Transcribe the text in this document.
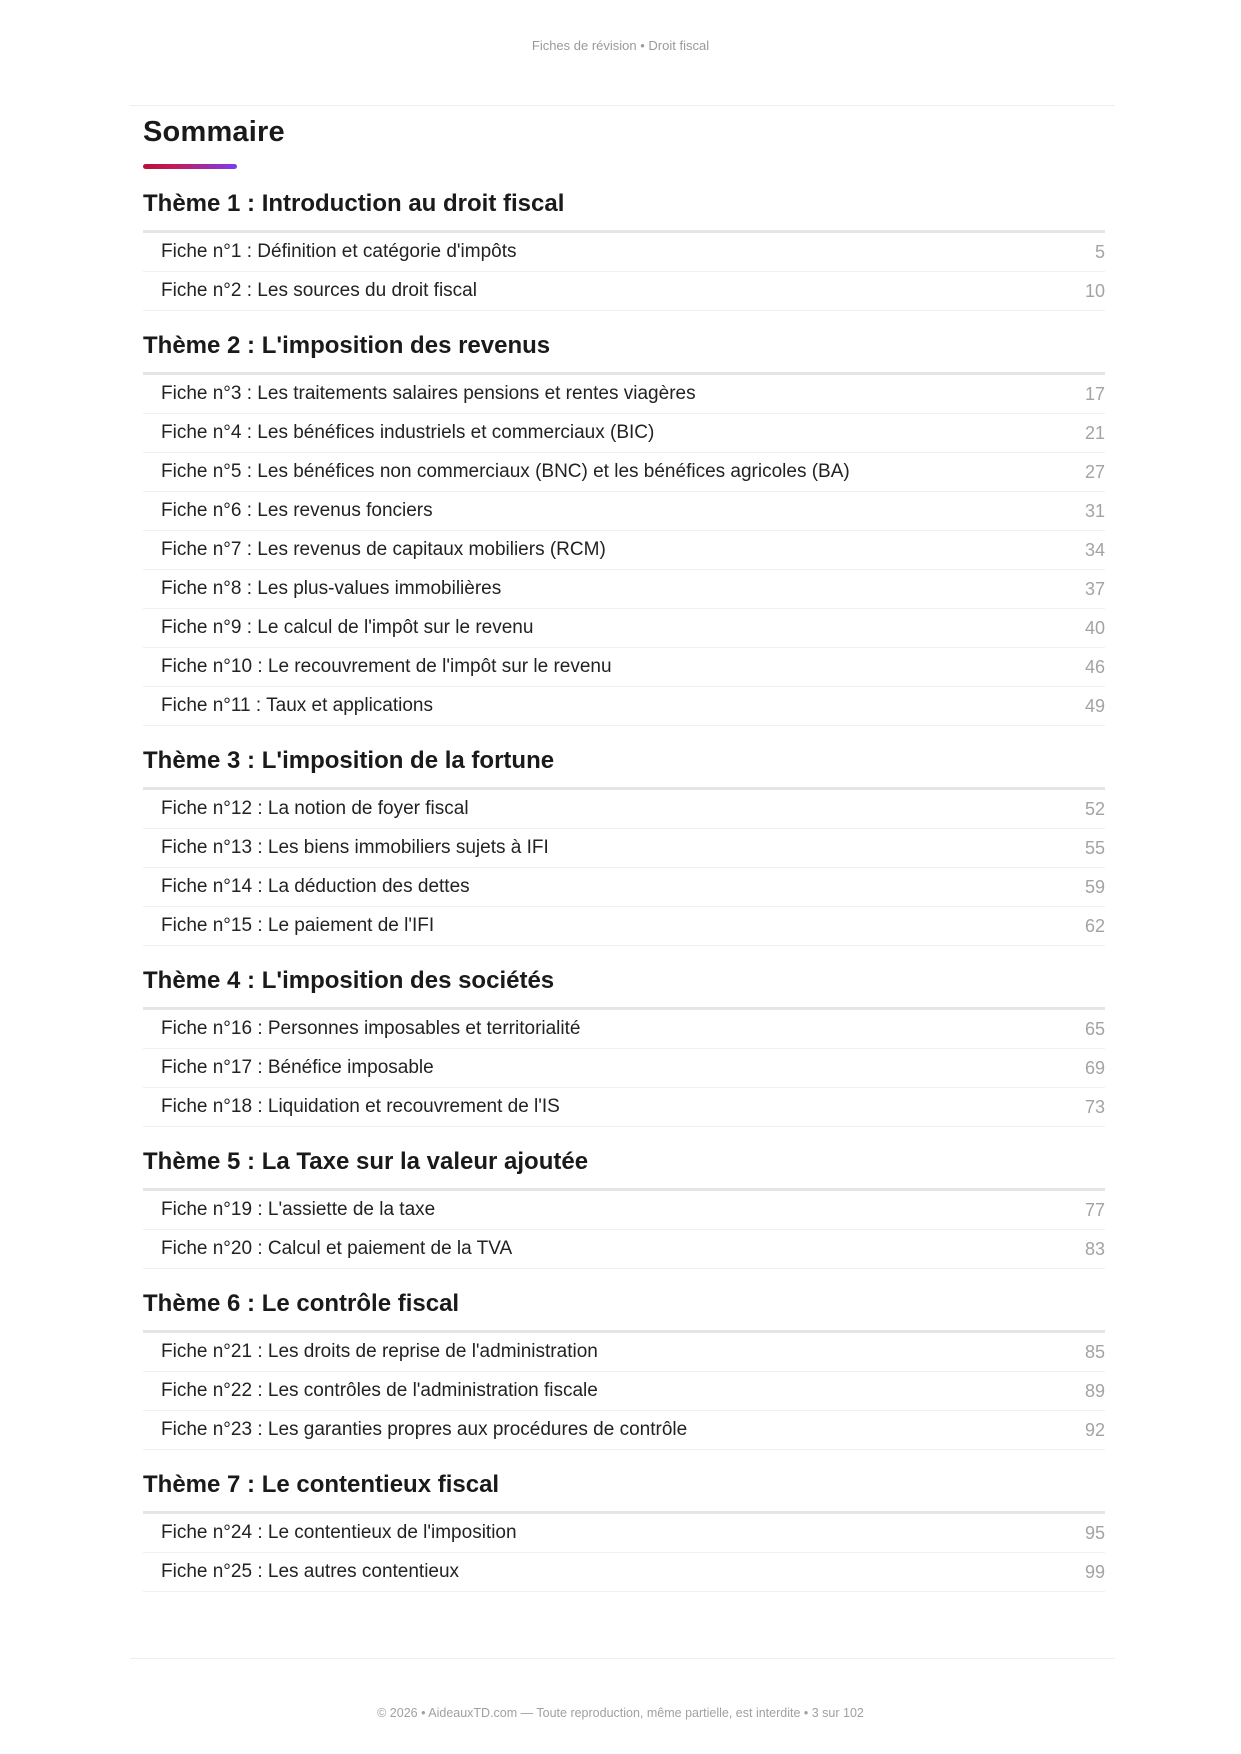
Fiches de révision • Droit fiscal
Sommaire
Thème 1 : Introduction au droit fiscal
Fiche n°1 : Définition et catégorie d'impôts	5
Fiche n°2 : Les sources du droit fiscal	10
Thème 2 : L'imposition des revenus
Fiche n°3 : Les traitements salaires pensions et rentes viagères	17
Fiche n°4 : Les bénéfices industriels et commerciaux (BIC)	21
Fiche n°5 : Les bénéfices non commerciaux (BNC) et les bénéfices agricoles (BA)	27
Fiche n°6 : Les revenus fonciers	31
Fiche n°7 : Les revenus de capitaux mobiliers (RCM)	34
Fiche n°8 : Les plus-values immobilières	37
Fiche n°9 : Le calcul de l'impôt sur le revenu	40
Fiche n°10 : Le recouvrement de l'impôt sur le revenu	46
Fiche n°11 : Taux et applications	49
Thème 3 : L'imposition de la fortune
Fiche n°12 : La notion de foyer fiscal	52
Fiche n°13 : Les biens immobiliers sujets à IFI	55
Fiche n°14 : La déduction des dettes	59
Fiche n°15 : Le paiement de l'IFI	62
Thème 4 : L'imposition des sociétés
Fiche n°16 : Personnes imposables et territorialité	65
Fiche n°17 : Bénéfice imposable	69
Fiche n°18 : Liquidation et recouvrement de l'IS	73
Thème 5 : La Taxe sur la valeur ajoutée
Fiche n°19 : L'assiette de la taxe	77
Fiche n°20 : Calcul et paiement de la TVA	83
Thème 6 : Le contrôle fiscal
Fiche n°21 : Les droits de reprise de l'administration	85
Fiche n°22 : Les contrôles de l'administration fiscale	89
Fiche n°23 : Les garanties propres aux procédures de contrôle	92
Thème 7 : Le contentieux fiscal
Fiche n°24 : Le contentieux de l'imposition	95
Fiche n°25 : Les autres contentieux	99
© 2026 • AideauxTD.com — Toute reproduction, même partielle, est interdite • 3 sur 102
